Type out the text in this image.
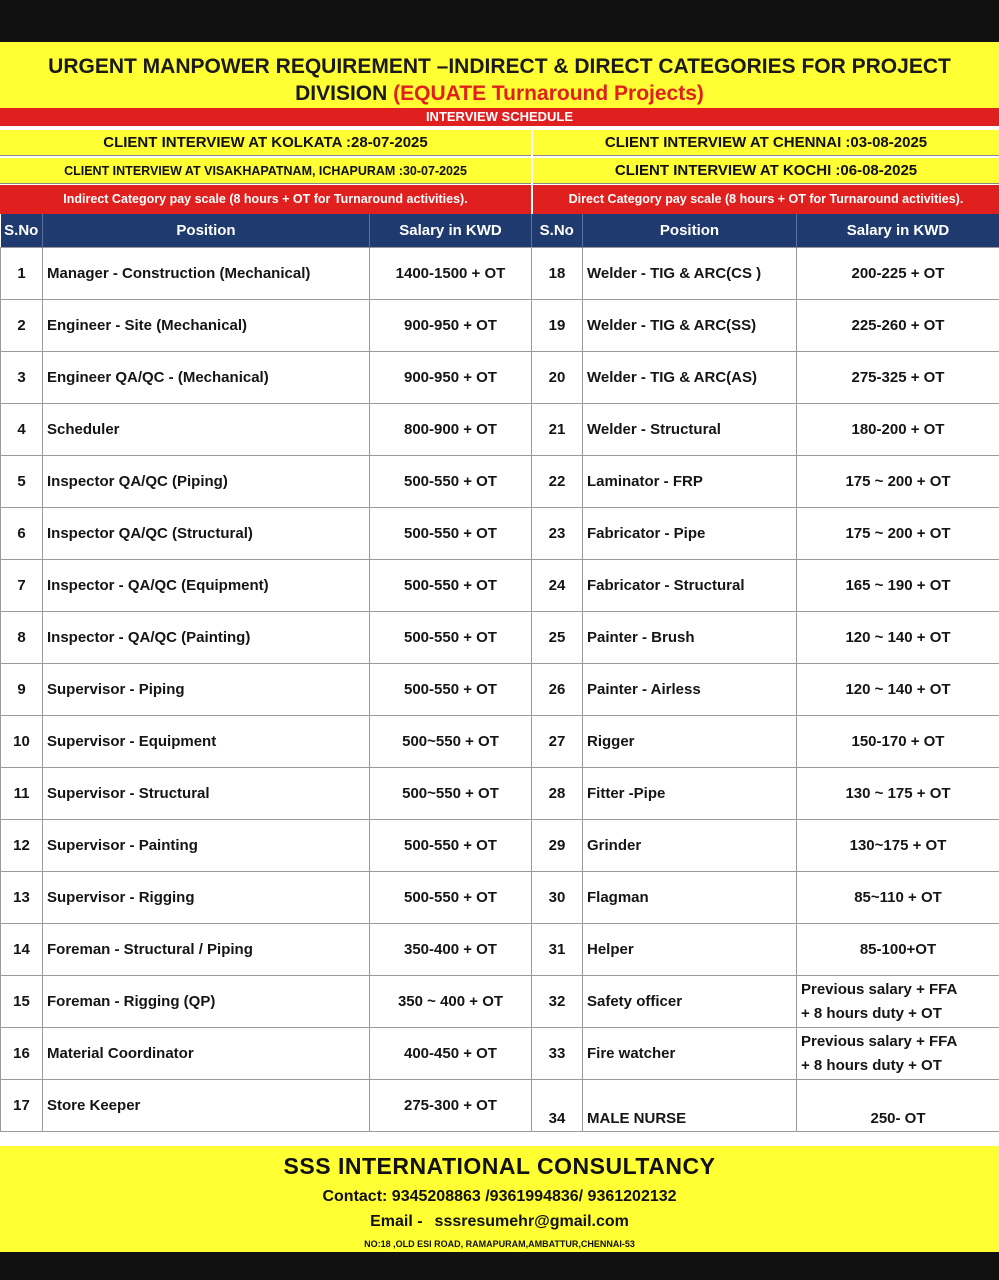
URGENT MANPOWER REQUIREMENT –INDIRECT & DIRECT CATEGORIES FOR PROJECT
DIVISION (EQUATE Turnaround Projects)
INTERVIEW SCHEDULE
CLIENT INTERVIEW AT KOLKATA :28-07-2025	CLIENT INTERVIEW AT CHENNAI :03-08-2025
CLIENT INTERVIEW AT VISAKHAPATNAM, ICHAPURAM :30-07-2025	CLIENT INTERVIEW AT KOCHI :06-08-2025
Indirect Category pay scale (8 hours + OT for Turnaround activities).	Direct Category pay scale (8 hours + OT for Turnaround activities).
S.No	Position	Salary in KWD
1	Manager - Construction (Mechanical)	1400-1500 + OT
2	Engineer - Site (Mechanical)	900-950 + OT
3	Engineer QA/QC - (Mechanical)	900-950 + OT
4	Scheduler	800-900 + OT
5	Inspector QA/QC (Piping)	500-550 + OT
6	Inspector QA/QC (Structural)	500-550 + OT
7	Inspector - QA/QC (Equipment)	500-550 + OT
8	Inspector - QA/QC (Painting)	500-550 + OT
9	Supervisor - Piping	500-550 + OT
10	Supervisor - Equipment	500~550 + OT
11	Supervisor - Structural	500~550 + OT
12	Supervisor - Painting	500-550 + OT
13	Supervisor - Rigging	500-550 + OT
14	Foreman - Structural / Piping	350-400 + OT
15	Foreman - Rigging (QP)	350 ~ 400 + OT
16	Material Coordinator	400-450 + OT
17	Store Keeper	275-300 + OT
S.No	Position	Salary in KWD
18	Welder - TIG & ARC(CS )	200-225 + OT
19	Welder - TIG & ARC(SS)	225-260 + OT
20	Welder - TIG & ARC(AS)	275-325 + OT
21	Welder - Structural	180-200 + OT
22	Laminator - FRP	175 ~ 200 + OT
23	Fabricator - Pipe	175 ~ 200 + OT
24	Fabricator - Structural	165 ~ 190 + OT
25	Painter - Brush	120 ~ 140 + OT
26	Painter - Airless	120 ~ 140 + OT
27	Rigger	150-170 + OT
28	Fitter -Pipe	130 ~ 175 + OT
29	Grinder	130~175 + OT
30	Flagman	85~110 + OT
31	Helper	85-100+OT
32	Safety officer	Previous salary + FFA
+ 8 hours duty + OT

33	Fire watcher	Previous salary + FFA
+ 8 hours duty + OT

34	MALE NURSE	250- OT
SSS INTERNATIONAL CONSULTANCY
Contact: 9345208863 /9361994836/ 9361202132
Email - sssresumehr@gmail.com
NO:18 ,OLD ESI ROAD, RAMAPURAM,AMBATTUR,CHENNAI-53
